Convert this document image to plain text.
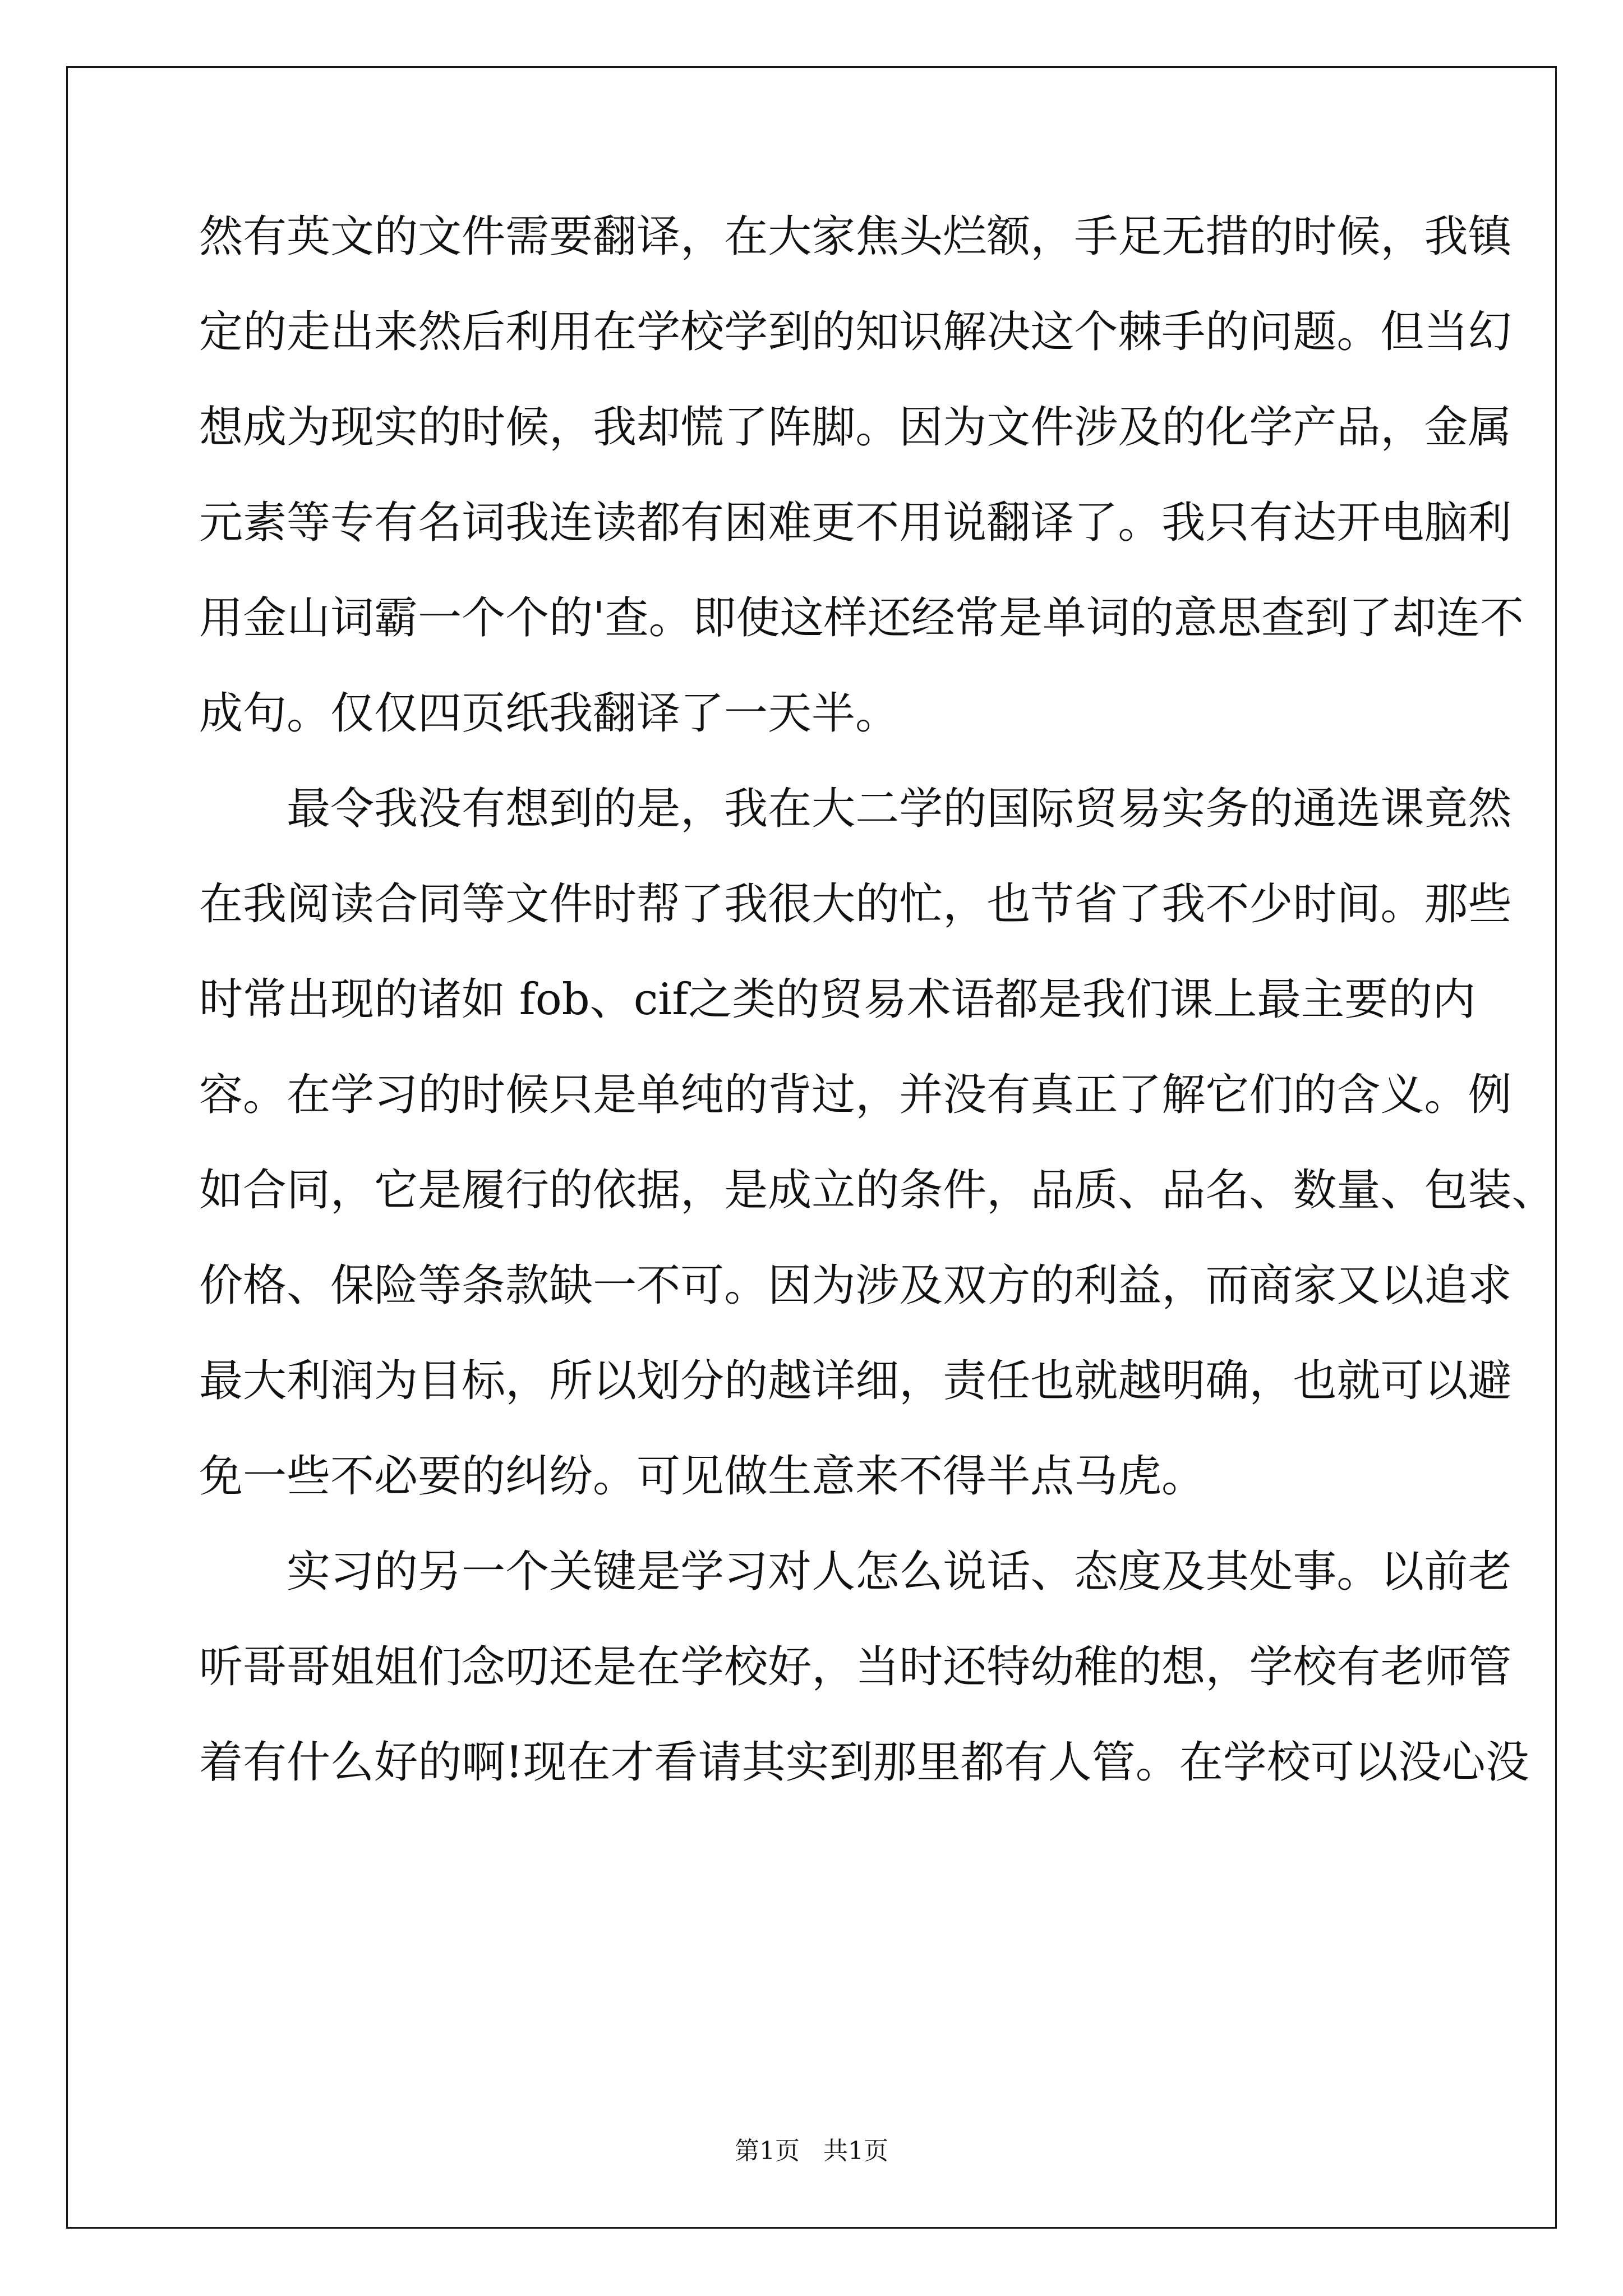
然 有 英 文 的 文 件 需 要 翻 译 ， 在 大 家 焦 头 烂 额 ， 手 足 无 措 的 时 候 ， 我 镇
定 的 走 出 来 然 后 利 用 在 学 校 学 到 的 知 识 解 决 这 个 棘 手 的 问 题 。 但 当 幻
想 成 为 现 实 的 时 候 ， 我 却 慌 了 阵 脚 。 因 为 文 件 涉 及 的 化 学 产 品 ， 金 属
元 素 等 专 有 名 词 我 连 读 都 有 困 难 更 不 用 说 翻 译 了 。 我 只 有 达 开 电 脑 利
用 金 山 词 霸 一 个 个 的 ' 查 。 即 使 这 样 还 经 常 是 单 词 的 意 思 查 到 了 却 连 不
成句。仅仅四页纸我翻译了一天半。
最 令 我 没 有 想 到 的 是 ， 我 在 大 二 学 的 国 际 贸 易 实 务 的 通 选 课 竟 然
在 我 阅 读 合 同 等 文 件 时 帮 了 我 很 大 的 忙 ， 也 节 省 了 我 不 少 时 间 。 那 些
时 常 出 现 的 诸 如
fob 、 cif 之 类 的 贸 易 术 语 都 是 我 们 课 上 最 主 要 的 内
容 。 在 学 习 的 时 候 只 是 单 纯 的 背 过 ， 并 没 有 真 正 了 解 它 们 的 含 义 。 例
如 合 同 ， 它 是 履 行 的 依 据 ， 是 成 立 的 条 件 ， 品 质 、 品 名 、 数 量 、 包 装 、
价 格 、 保 险 等 条 款 缺 一 不 可 。 因 为 涉 及 双 方 的 利 益 ， 而 商 家 又 以 追 求
最 大 利 润 为 目 标 ， 所 以 划 分 的 越 详 细 ， 责 任 也 就 越 明 确 ， 也 就 可 以 避
免一些不必要的纠纷。可见做生意来不得半点马虎。
实 习 的 另 一 个 关 键 是 学 习 对 人 怎 么 说 话 、 态 度 及 其 处 事 。 以 前 老
听 哥 哥 姐 姐 们 念 叨 还 是 在 学 校 好 ， 当 时 还 特 幼 稚 的 想 ， 学 校 有 老 师 管
着 有 什 么 好 的 啊 ! 现 在 才 看 请 其 实 到 那 里 都 有 人 管 。 在 学 校 可 以 没 心 没
第1页 共1页
